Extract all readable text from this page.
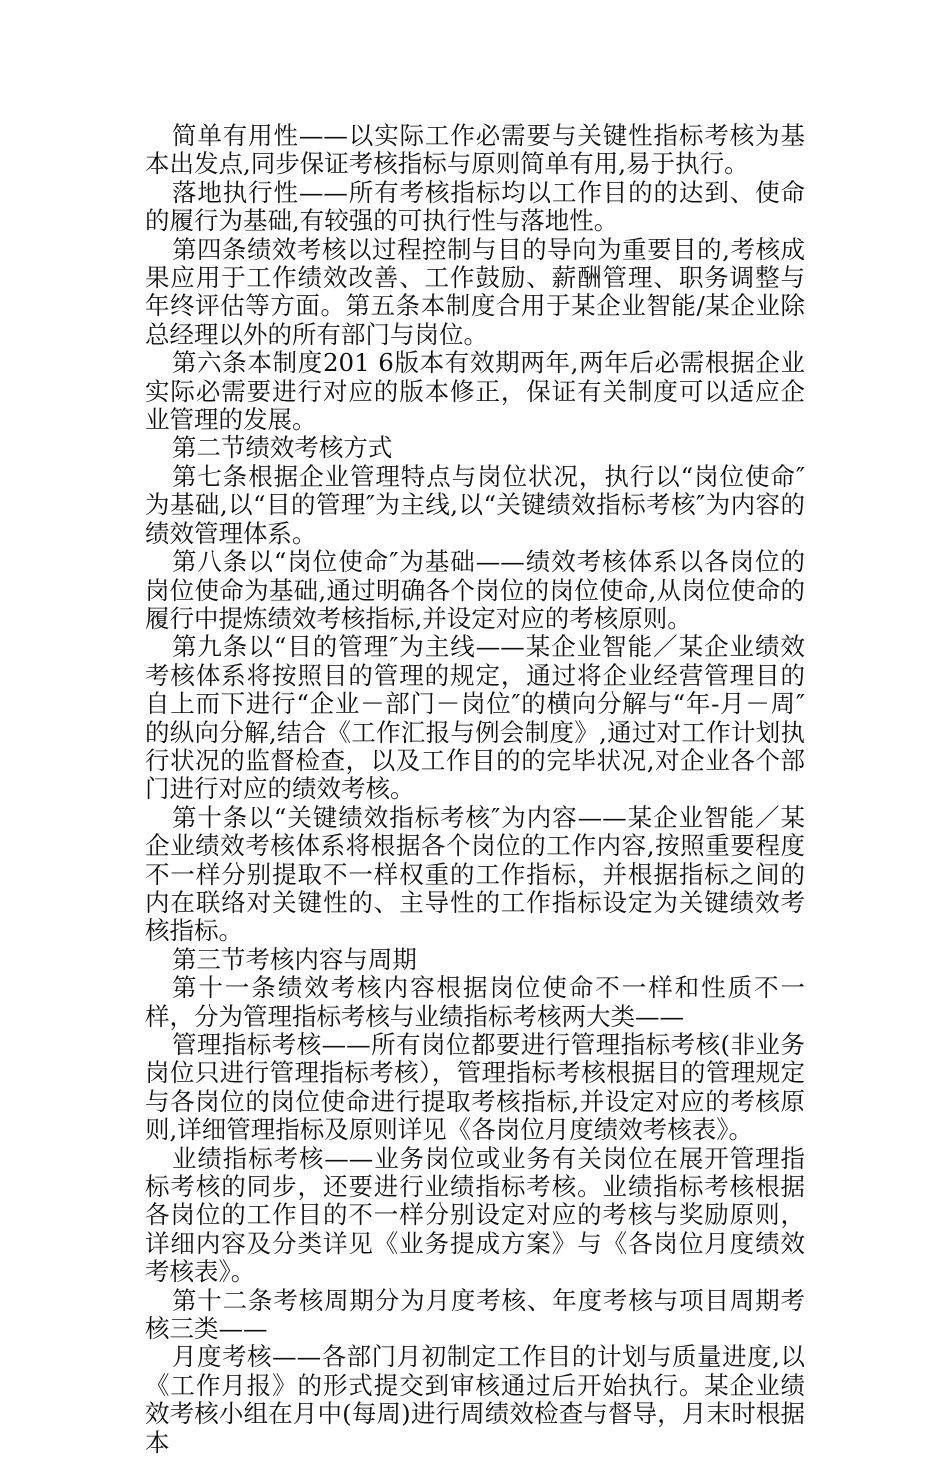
简单有用性——以实际工作必需要与关键性指标考核为基本出发点,同步保证考核指标与原则简单有用,易于执行。

落地执行性——所有考核指标均以工作目的的达到、使命的履行为基础,有较强的可执行性与落地性。

第四条绩效考核以过程控制与目的导向为重要目的,考核成果应用于工作绩效改善、工作鼓励、薪酬管理、职务调整与年终评估等方面。第五条本制度合用于某企业智能/某企业除总经理以外的所有部门与岗位。

第六条本制度201 6版本有效期两年,两年后必需根据企业实际必需要进行对应的版本修正，保证有关制度可以适应企业管理的发展。

第二节绩效考核方式

第七条根据企业管理特点与岗位状况，执行以“岗位使命″为基础,以“目的管理″为主线,以“关键绩效指标考核″为内容的绩效管理体系。

第八条以“岗位使命″为基础——绩效考核体系以各岗位的岗位使命为基础,通过明确各个岗位的岗位使命,从岗位使命的履行中提炼绩效考核指标,并设定对应的考核原则。

第九条以“目的管理″为主线——某企业智能／某企业绩效考核体系将按照目的管理的规定，通过将企业经营管理目的自上而下进行“企业－部门－岗位″的横向分解与“年-月－周″的纵向分解,结合《工作汇报与例会制度》,通过对工作计划执行状况的监督检查，以及工作目的的完毕状况,对企业各个部门进行对应的绩效考核。

第十条以“关键绩效指标考核″为内容——某企业智能／某企业绩效考核体系将根据各个岗位的工作内容,按照重要程度不一样分别提取不一样权重的工作指标，并根据指标之间的内在联络对关键性的、主导性的工作指标设定为关键绩效考核指标。

第三节考核内容与周期

第十一条绩效考核内容根据岗位使命不一样和性质不一样，分为管理指标考核与业绩指标考核两大类——

管理指标考核——所有岗位都要进行管理指标考核(非业务岗位只进行管理指标考核），管理指标考核根据目的管理规定与各岗位的岗位使命进行提取考核指标,并设定对应的考核原则,详细管理指标及原则详见《各岗位月度绩效考核表》。

业绩指标考核——业务岗位或业务有关岗位在展开管理指标考核的同步，还要进行业绩指标考核。业绩指标考核根据各岗位的工作目的不一样分别设定对应的考核与奖励原则，详细内容及分类详见《业务提成方案》与《各岗位月度绩效考核表》。

第十二条考核周期分为月度考核、年度考核与项目周期考核三类——

月度考核——各部门月初制定工作目的计划与质量进度,以《工作月报》的形式提交到审核通过后开始执行。某企业绩效考核小组在月中(每周)进行周绩效检查与督导，月末时根据本
